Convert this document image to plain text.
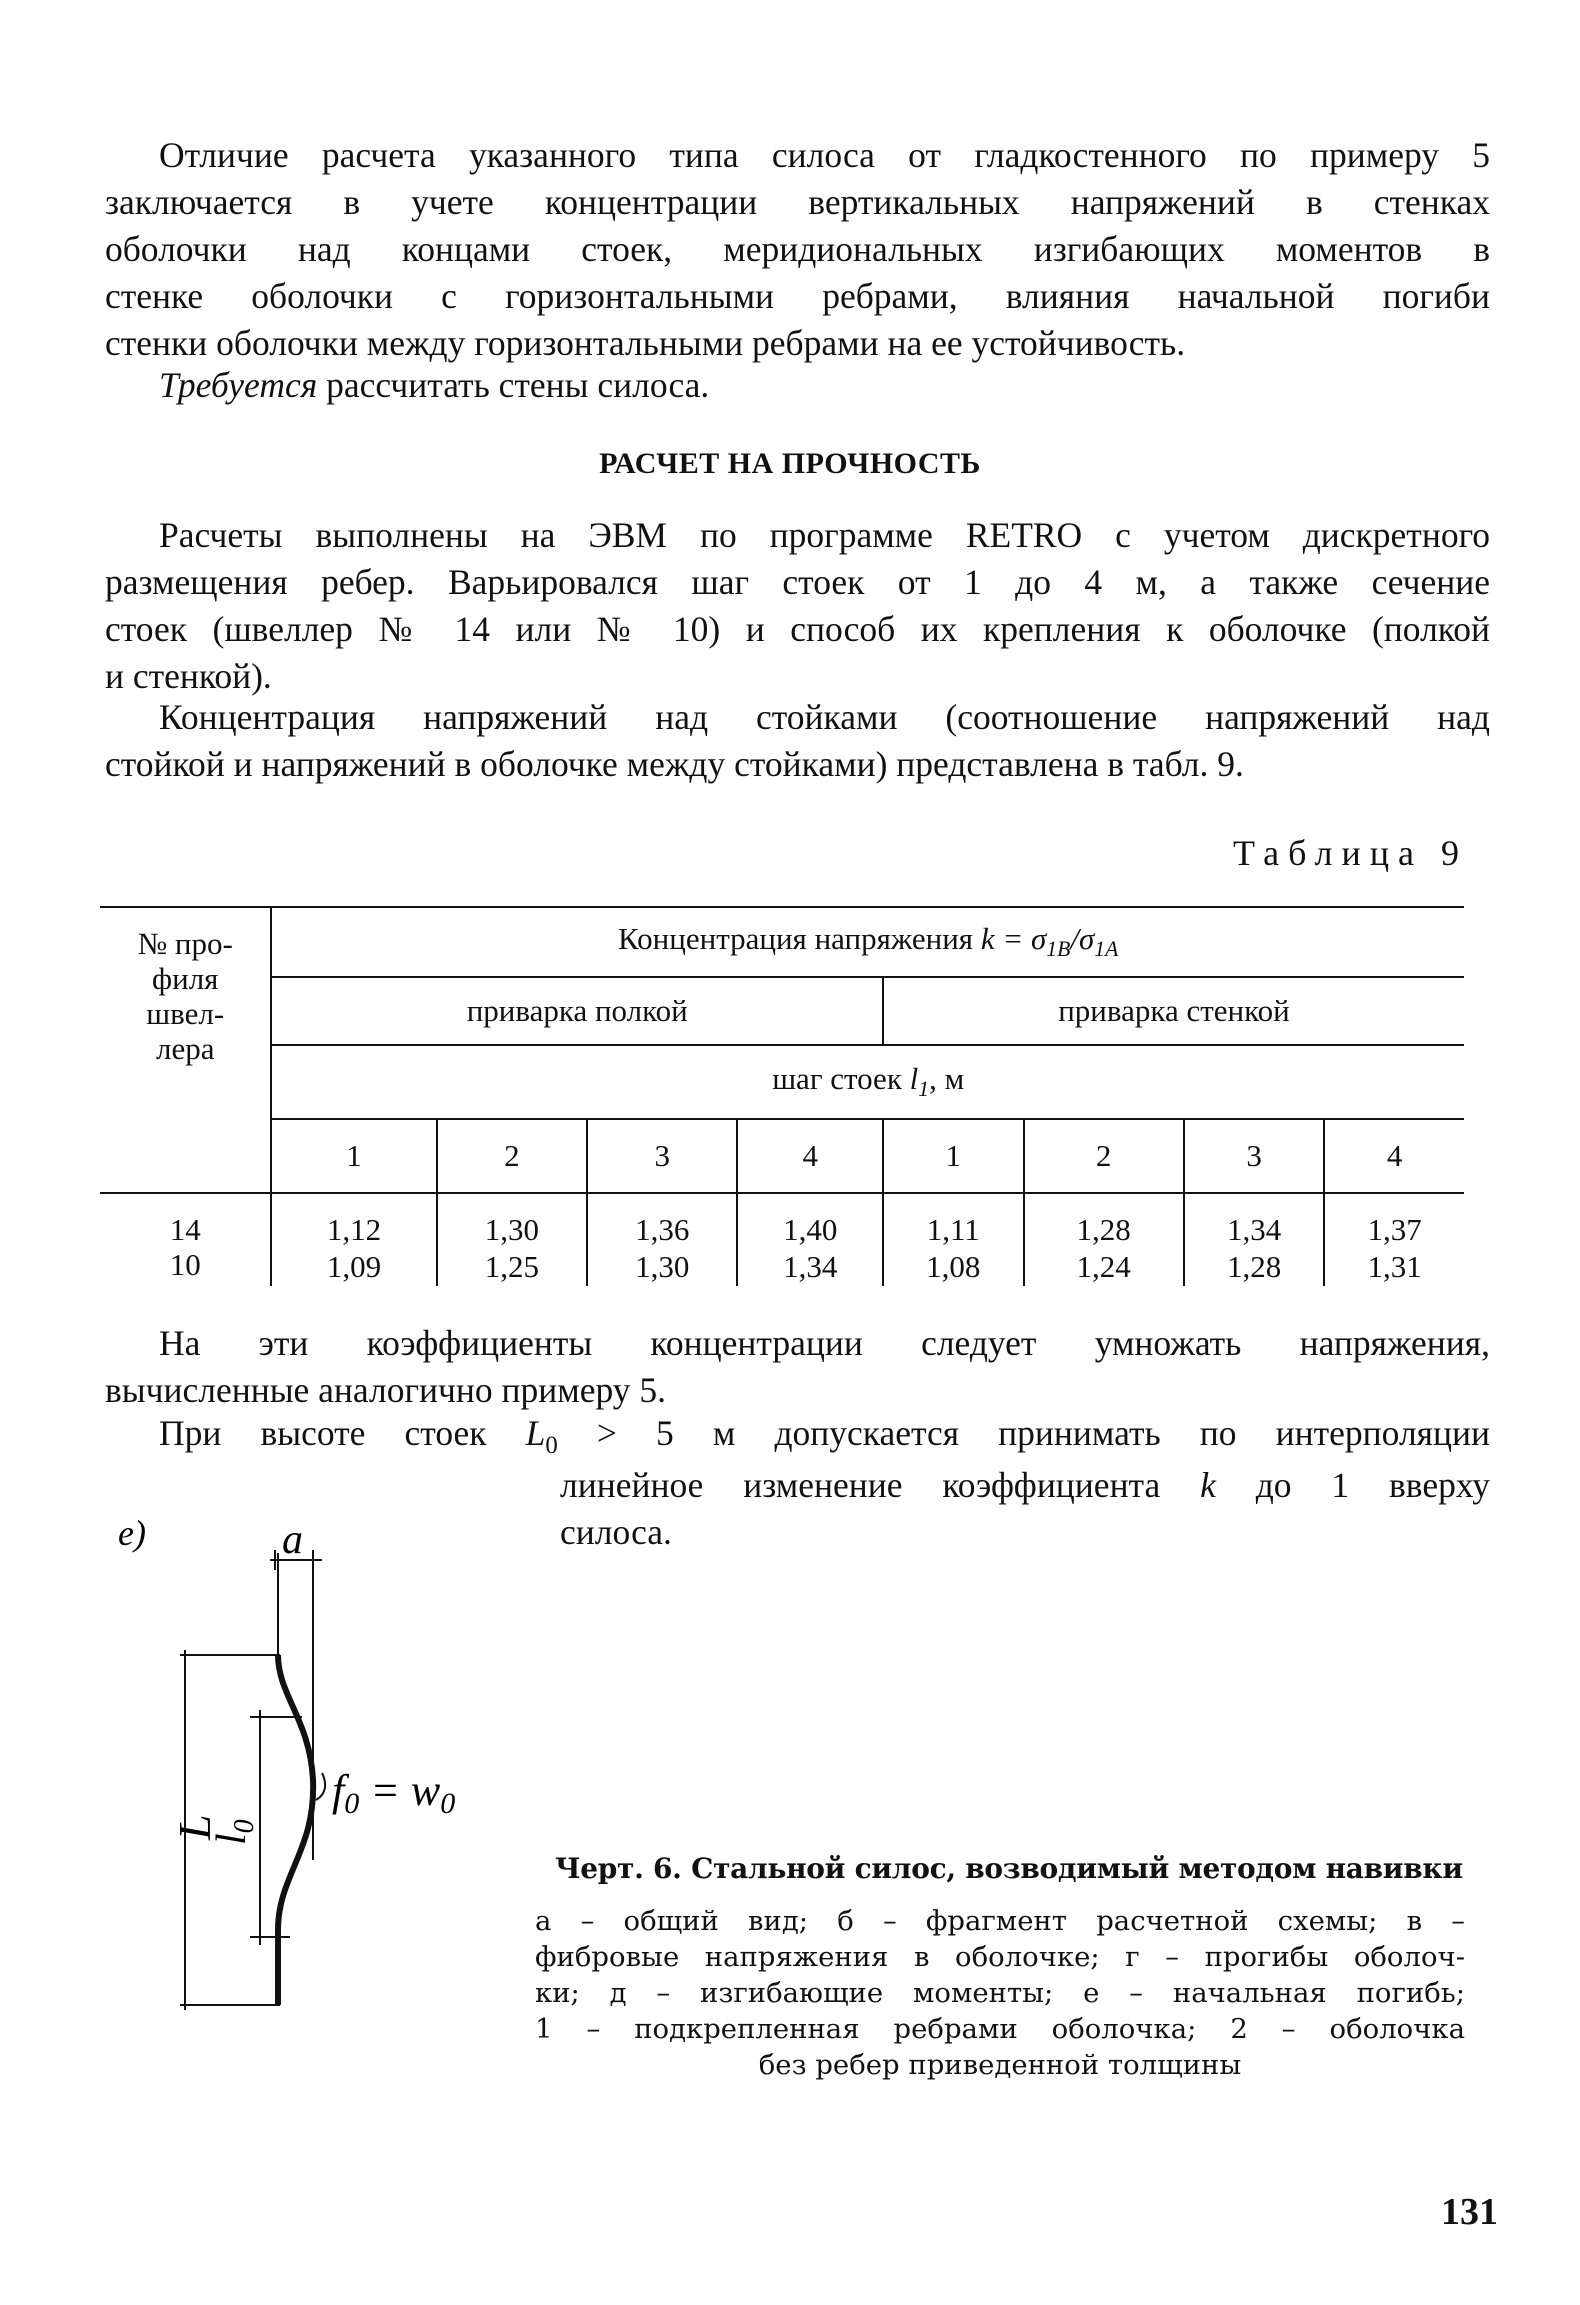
Отличие расчета указанного типа силоса от гладкостенного по примеру 5
заключается в учете концентрации вертикальных напряжений в стенках
оболочки над концами стоек, меридиональных изгибающих моментов в
стенке оболочки с горизонтальными ребрами, влияния начальной погиби
стенки оболочки между горизонтальными ребрами на ее устойчивость.
Требуется рассчитать стены силоса.
РАСЧЕТ НА ПРОЧНОСТЬ
Расчеты выполнены на ЭВМ по программе RETRO с учетом дискретного
размещения ребер. Варьировался шаг стоек от 1 до 4 м, а также сечение
стоек (швеллер № 14 или № 10) и способ их крепления к оболочке (полкой
и стенкой).
Концентрация напряжений над стойками (соотношение напряжений над
стойкой и напряжений в оболочке между стойками) представлена в табл. 9.
Таблица 9
№ про-
филя
швел-
лера	Концентрация напряжения $k = \sigma_{1B}/\sigma_{1A}$
	приварка полкой				приварка стенкой			
	шаг стоек $l_1$, м							
	1	2	3	4	1	2	3	4
14	1,12	1,30	1,36	1,40	1,11	1,28	1,34	1,37
10	1,09	1,25	1,30	1,34	1,08	1,24	1,28	1,31
На эти коэффициенты концентрации следует умножать напряжения,
вычисленные аналогично примеру 5.
При высоте стоек $L_0 > 5$ м допускается принимать по интерполяции
линейное изменение коэффициента k до 1 вверху
силоса.
е)	a
L
l0
f0 = w0
Черт. 6. Стальной силос, возводимый методом навивки
а – общий вид; б – фрагмент расчетной схемы; в –
фибровые напряжения в оболочке; г – прогибы оболоч-
ки; д – изгибающие моменты; е – начальная погибь;
1 – подкрепленная ребрами оболочка; 2 – оболочка
без ребер приведенной толщины
131
